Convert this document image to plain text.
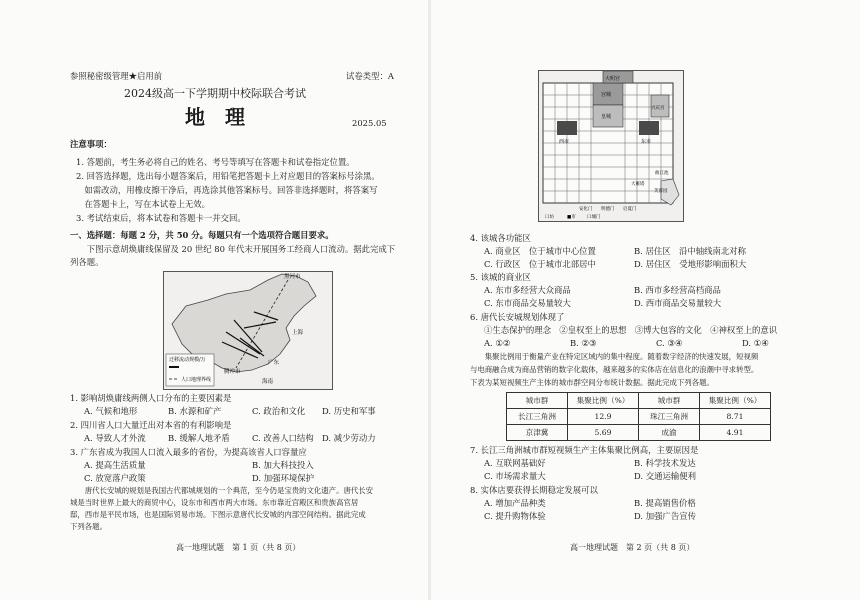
参照秘密级管理★启用前	试卷类型：A
2024级高一下学期期中校际联合考试
地　理	2025.05
注意事项：
1. 答题前，考生务必将自己的姓名、考号等填写在答题卡和试卷指定位置。
2. 回答选择题，选出每小题答案后，用铅笔把答题卡上对应题目的答案标号涂黑。
　如需改动，用橡皮擦干净后，再选涂其他答案标号。回答非选择题时，将答案写
　在答题卡上，写在本试卷上无效。
3. 考试结束后，将本试卷和答题卡一并交回。
一、选择题：每题 2 分，共 50 分。每题只有一个选项符合题目要求。
　　下图示意胡焕庸线保留及 20 世纪 80 年代末开展国务工经商人口流动。据此完成下
列各题。
迁移流动规模/万
人口地理界线
黑河市
腾冲市
上海
广东
海南
1. 影响胡焕庸线两侧人口分布的主要因素是
A. 气候和地形	B. 水源和矿产	C. 政治和文化 D. 历史和军事
2. 四川省人口大量迁出对本省的有利影响是
A. 导致人才外流	B. 缓解人地矛盾	C. 改善人口结构 D. 减少劳动力
3. 广东省成为我国人口流入最多的省份，为提高该省人口容量应
A. 提高生活质量	B. 加大科技投入
C. 放宽落户政策	D. 加强环境保护
　　唐代长安城的规划是我国古代都城规划的一个典范，至今仍是宝贵的文化遗产。唐代长安
城是当时世界上最大的商贸中心，设东市和西市两大市场。东市靠近宫殿区和贵族高官居
邸，西市是平民市场，也是国际贸易市场。下图示意唐代长安城的内部空间结构。据此完成
下列各题。
高一地理试题　第 1 页（共 8 页）
大明宫
兴庆宫
皇城
宫城
东市
西市
芙蓉园
曲江池
大雁塔
安化门 明德门 启夏门
口坊	■市 口城门
4. 该城各功能区
A. 商业区　位于城市中心位置	B. 居住区　沿中轴线南北对称
C. 行政区　位于城市北部居中	D. 居住区　受地形影响面积大
5. 该城的商业区
A. 东市多经营大众商品	B. 西市多经营高档商品
C. 东市商品交易量较大	D. 西市商品交易量较大
6. 唐代长安城规划体现了
①生态保护的理念　②皇权至上的思想　③博大包容的文化　④神权至上的意识
A. ①②	B. ②③	C. ③④	D. ①④
　　集聚比例用于衡量产业在特定区域内的集中程度。随着数字经济的快速发展，短视频
与电商融合成为商品营销的数字化载体，越来越多的实体店在信息化的浪潮中寻求转型。
下表为某短视频生产主体的城市群空间分布统计数据。据此完成下列各题。
城市群	集聚比例（%）	城市群	集聚比例（%）
长江三角洲	12.9	珠江三角洲	8.71
京津冀	5.69	成渝	4.91
7. 长江三角洲城市群短视频生产主体集聚比例高，主要原因是
A. 互联网基础好	B. 科学技术发达
C. 市场需求量大	D. 交通运输便利
8. 实体店要获得长期稳定发展可以
A. 增加产品种类	B. 提高销售价格
C. 提升购物体验	D. 加强广告宣传
高一地理试题　第 2 页（共 8 页）
